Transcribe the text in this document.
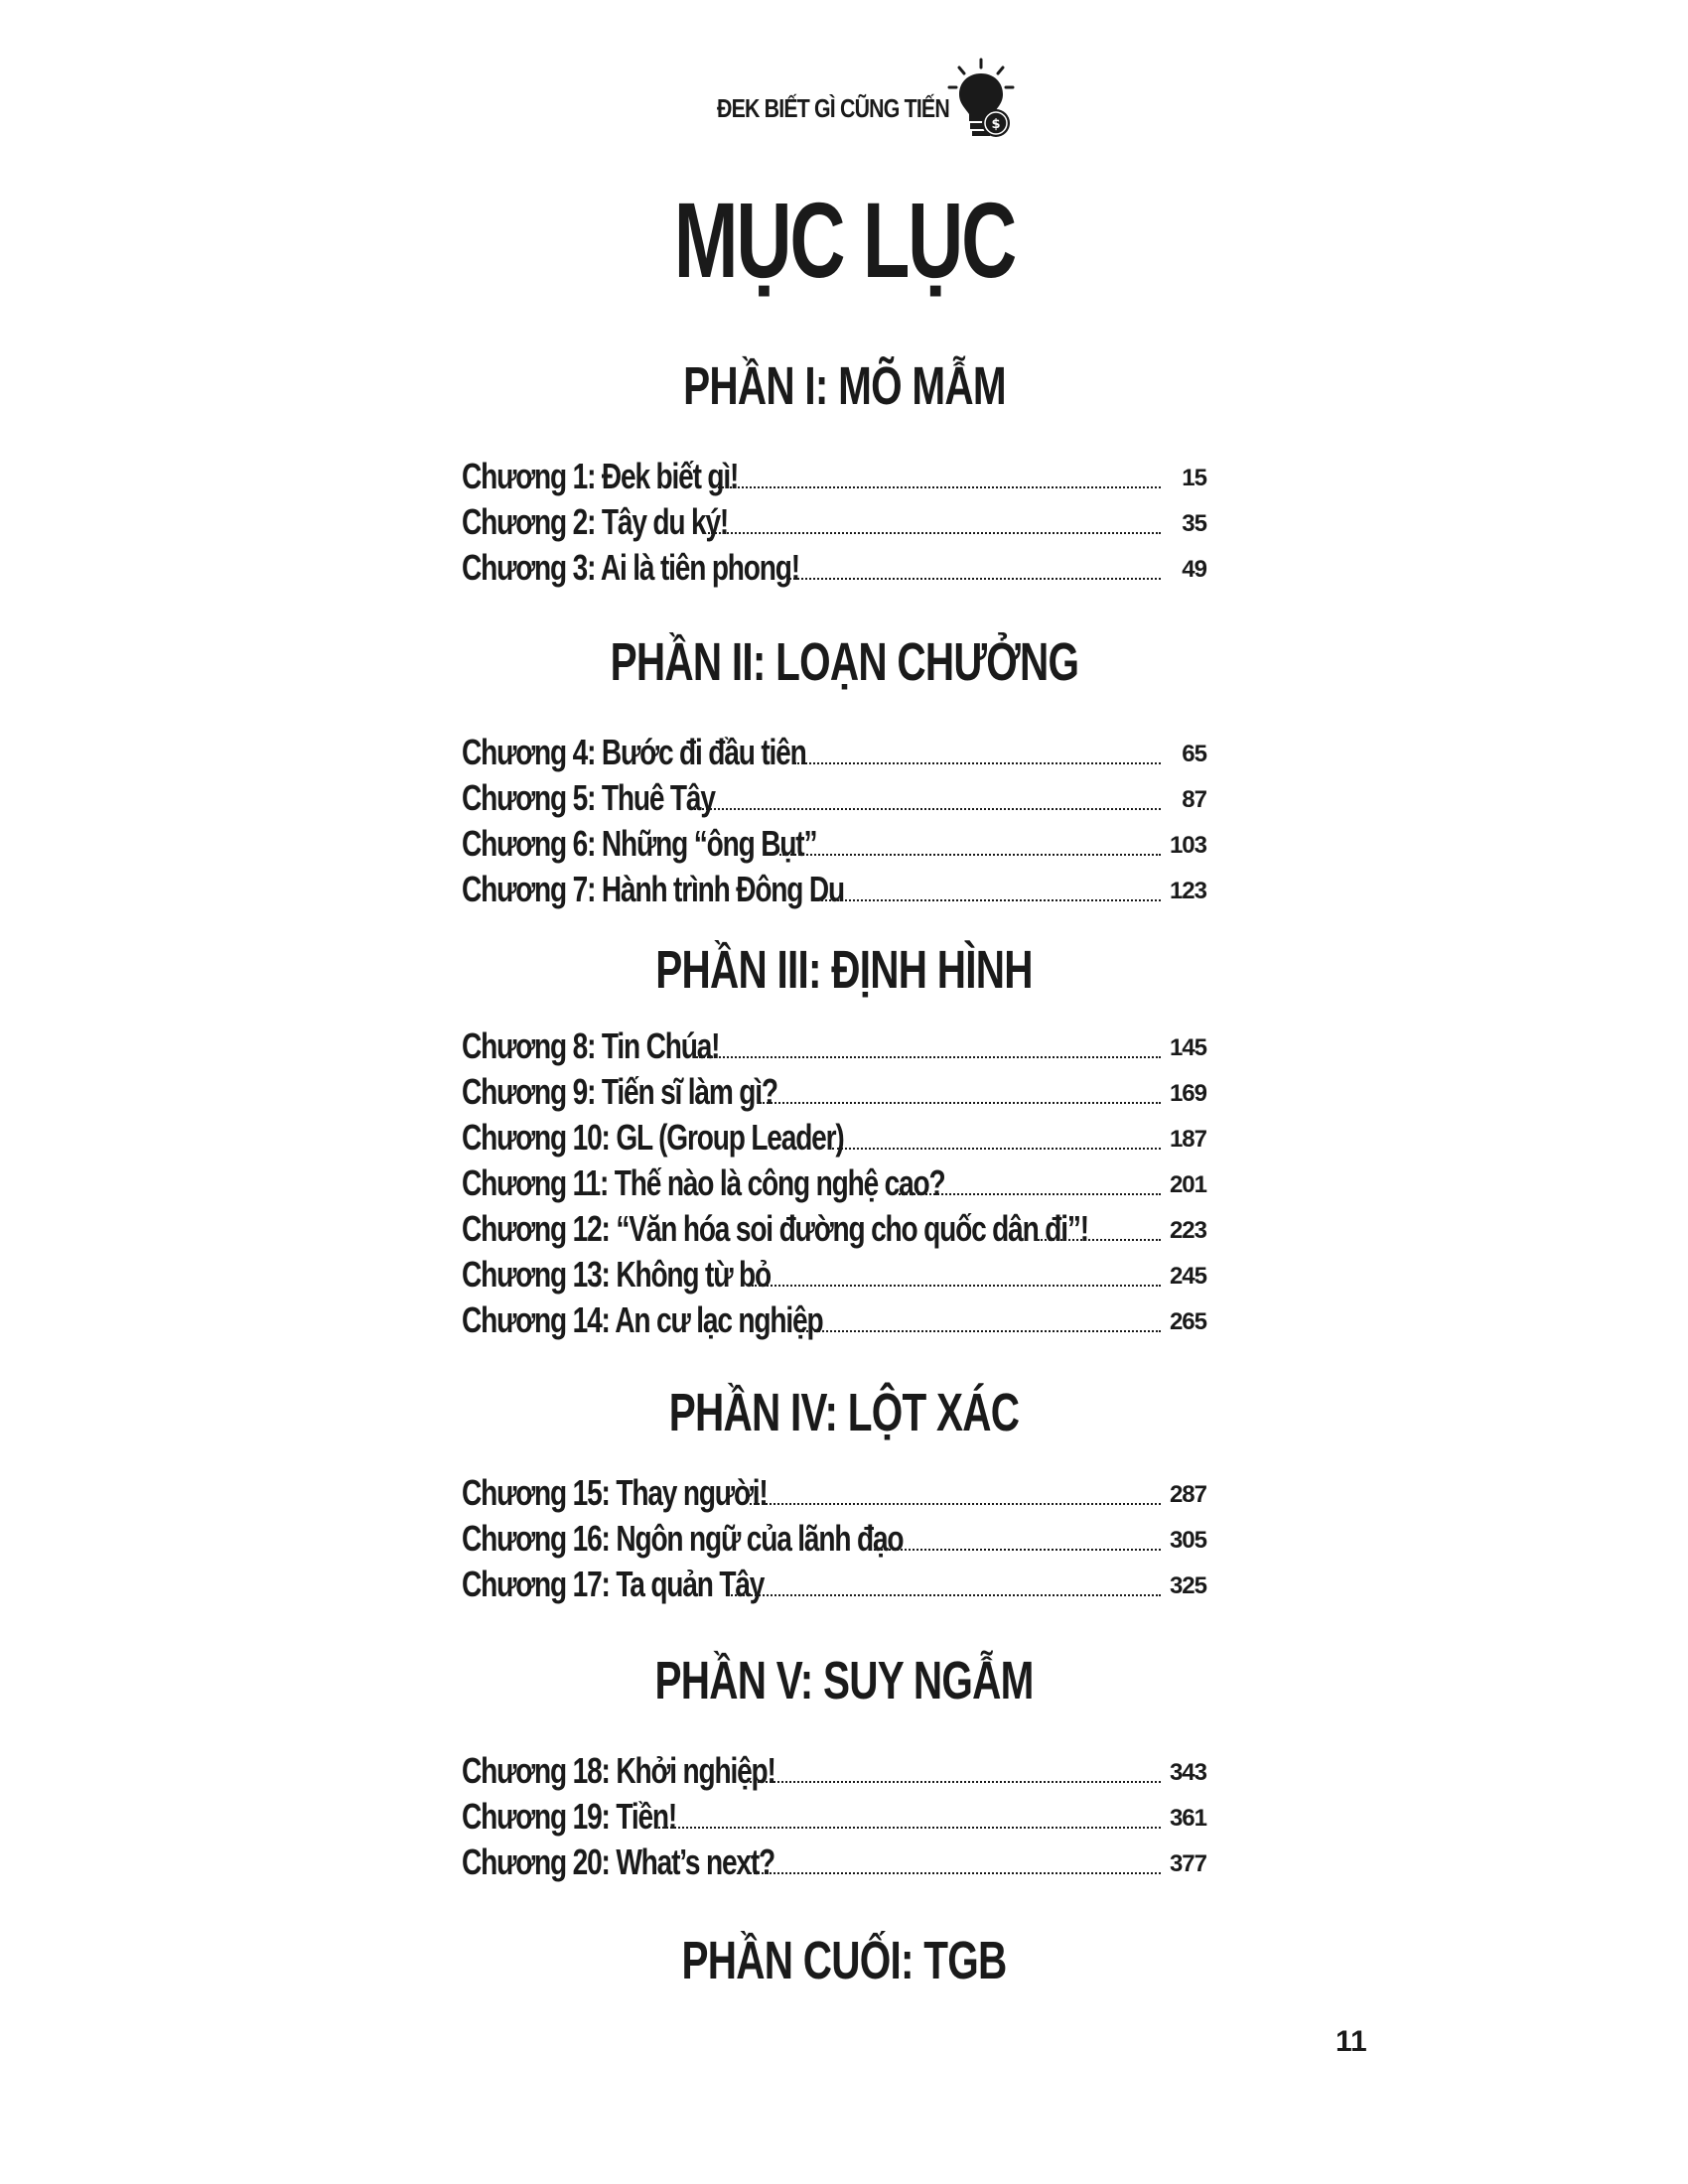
ĐEK BIẾT GÌ CŨNG TIẾN
$
MỤC LỤC
PHẦN I: MÕ MẪM
Chương 1: Đek biết gì!	15
Chương 2: Tây du ký!	35
Chương 3: Ai là tiên phong!	49
PHẦN II: LOẠN CHƯỞNG
Chương 4: Bước đi đầu tiên	65
Chương 5: Thuê Tây	87
Chương 6: Những “ông Bụt”	103
Chương 7: Hành trình Đông Du	123
PHẦN III: ĐỊNH HÌNH
Chương 8: Tin Chúa!	145
Chương 9: Tiến sĩ làm gì?	169
Chương 10: GL (Group Leader)	187
Chương 11: Thế nào là công nghệ cao?	201
Chương 12: “Văn hóa soi đường cho quốc dân đi”!	223
Chương 13: Không từ bỏ	245
Chương 14: An cư lạc nghiệp	265
PHẦN IV: LỘT XÁC
Chương 15: Thay người!	287
Chương 16: Ngôn ngữ của lãnh đạo	305
Chương 17: Ta quản Tây	325
PHẦN V: SUY NGẪM
Chương 18: Khởi nghiệp!	343
Chương 19: Tiền!	361
Chương 20: What’s next?	377
PHẦN CUỐI: TGB
11
